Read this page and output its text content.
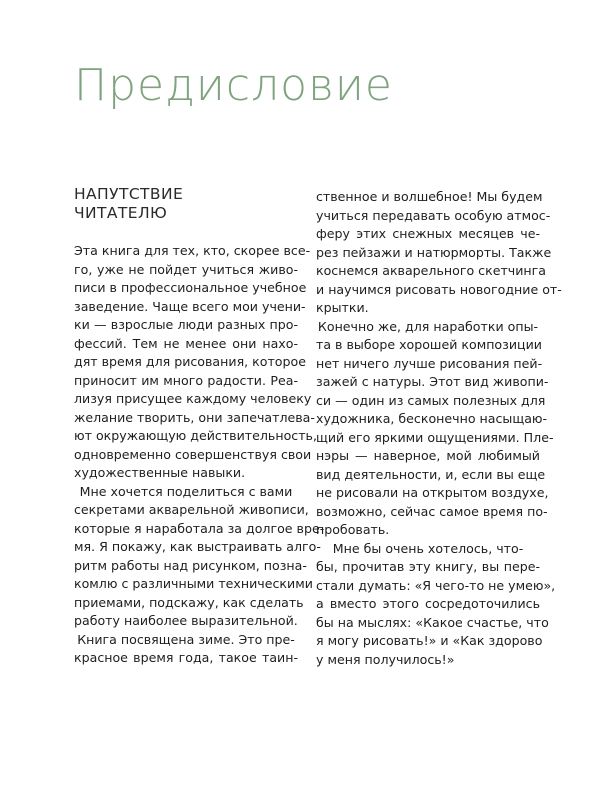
Предисловие
НАПУТСТВИЕ
ЧИТАТЕЛЮ
Эта книга для тех, кто, скорее все-
го, уже не пойдет учиться живо-
писи в профессиональное учебное
заведение. Чаще всего мои учени-
ки — взрослые люди разных про-
фессий. Тем не менее они нахо-
дят время для рисования, которое
приносит им много радости. Реа-
лизуя присущее каждому человеку
желание творить, они запечатлева-
ют окружающую действительность,
одновременно совершенствуя свои
художественные навыки.
Мне хочется поделиться с вами
секретами акварельной живописи,
которые я наработала за долгое вре-
мя. Я покажу, как выстраивать алго-
ритм работы над рисунком, позна-
комлю с различными техническими
приемами, подскажу, как сделать
работу наиболее выразительной.
Книга посвящена зиме. Это пре-
красное время года, такое таин-
ственное и волшебное! Мы будем
учиться передавать особую атмос-
феру этих снежных месяцев че-
рез пейзажи и натюрморты. Также
коснемся акварельного скетчинга
и научимся рисовать новогодние от-
крытки.
Конечно же, для наработки опы-
та в выборе хорошей композиции
нет ничего лучше рисования пей-
зажей с натуры. Этот вид живопи-
си — один из самых полезных для
художника, бесконечно насыщаю-
щий его яркими ощущениями. Пле-
нэры — наверное, мой любимый
вид деятельности, и, если вы еще
не рисовали на открытом воздухе,
возможно, сейчас самое время по-
пробовать.
Мне бы очень хотелось, что-
бы, прочитав эту книгу, вы пере-
стали думать: «Я чего-то не умею»,
а вместо этого сосредоточились
бы на мыслях: «Какое счастье, что
я могу рисовать!» и «Как здорово
у меня получилось!»
